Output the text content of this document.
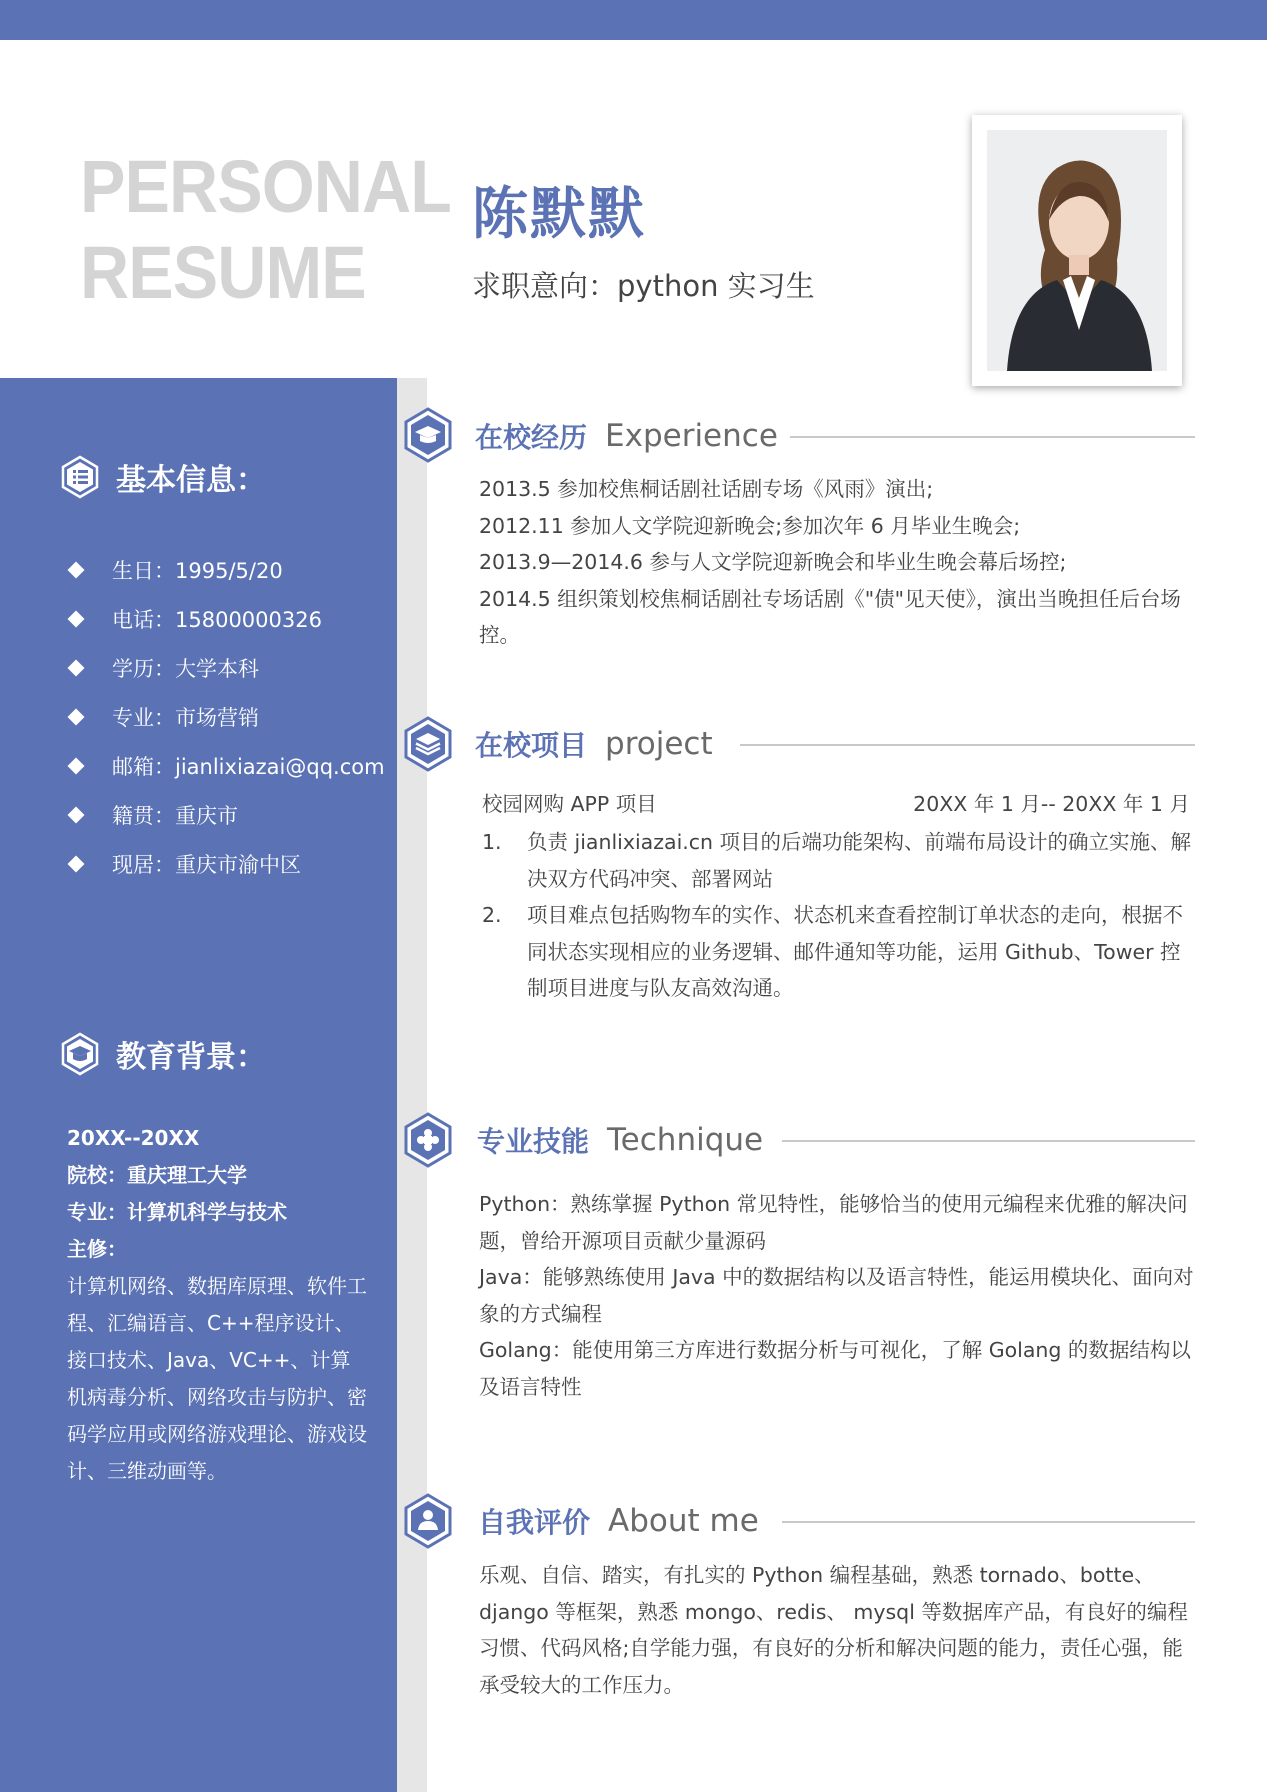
PERSONAL
RESUME
陈默默
求职意向：python 实习生
基本信息：
生日：1995/5/20
电话：15800000326
学历：大学本科
专业：市场营销
邮箱：jianlixiazai@qq.com
籍贯：重庆市
现居：重庆市渝中区
教育背景：
20XX--20XX
院校：重庆理工大学
专业：计算机科学与技术
主修：
计算机网络、数据库原理、软件工程、汇编语言、C++程序设计、接口技术、Java、VC++、计算机病毒分析、网络攻击与防护、密码学应用或网络游戏理论、游戏设计、三维动画等。
在校经历 Experience

2013.5 参加校焦桐话剧社话剧专场《风雨》演出;

2012.11 参加人文学院迎新晚会;参加次年 6 月毕业生晚会;

2013.9—2014.6 参与人文学院迎新晚会和毕业生晚会幕后场控;

2014.5 组织策划校焦桐话剧社专场话剧《"债"见天使》，演出当晚担任后台场控。

在校项目 project
校园网购 APP 项目	20XX 年 1 月-- 20XX 年 1 月
1.	负责 jianlixiazai.cn 项目的后端功能架构、前端布局设计的确立实施、解决双方代码冲突、部署网站
2.	项目难点包括购物车的实作、状态机来查看控制订单状态的走向，根据不同状态实现相应的业务逻辑、邮件通知等功能，运用 Github、Tower 控制项目进度与队友高效沟通。
专业技能 Technique

Python：熟练掌握 Python 常见特性，能够恰当的使用元编程来优雅的解决问题，曾给开源项目贡献少量源码

Java：能够熟练使用 Java 中的数据结构以及语言特性，能运用模块化、面向对象的方式编程

Golang：能使用第三方库进行数据分析与可视化，了解 Golang 的数据结构以及语言特性

自我评价 About me
乐观、自信、踏实，有扎实的 Python 编程基础，熟悉 tornado、botte、django 等框架，熟悉 mongo、redis、 mysql 等数据库产品，有良好的编程习惯、代码风格;自学能力强，有良好的分析和解决问题的能力，责任心强，能承受较大的工作压力。
